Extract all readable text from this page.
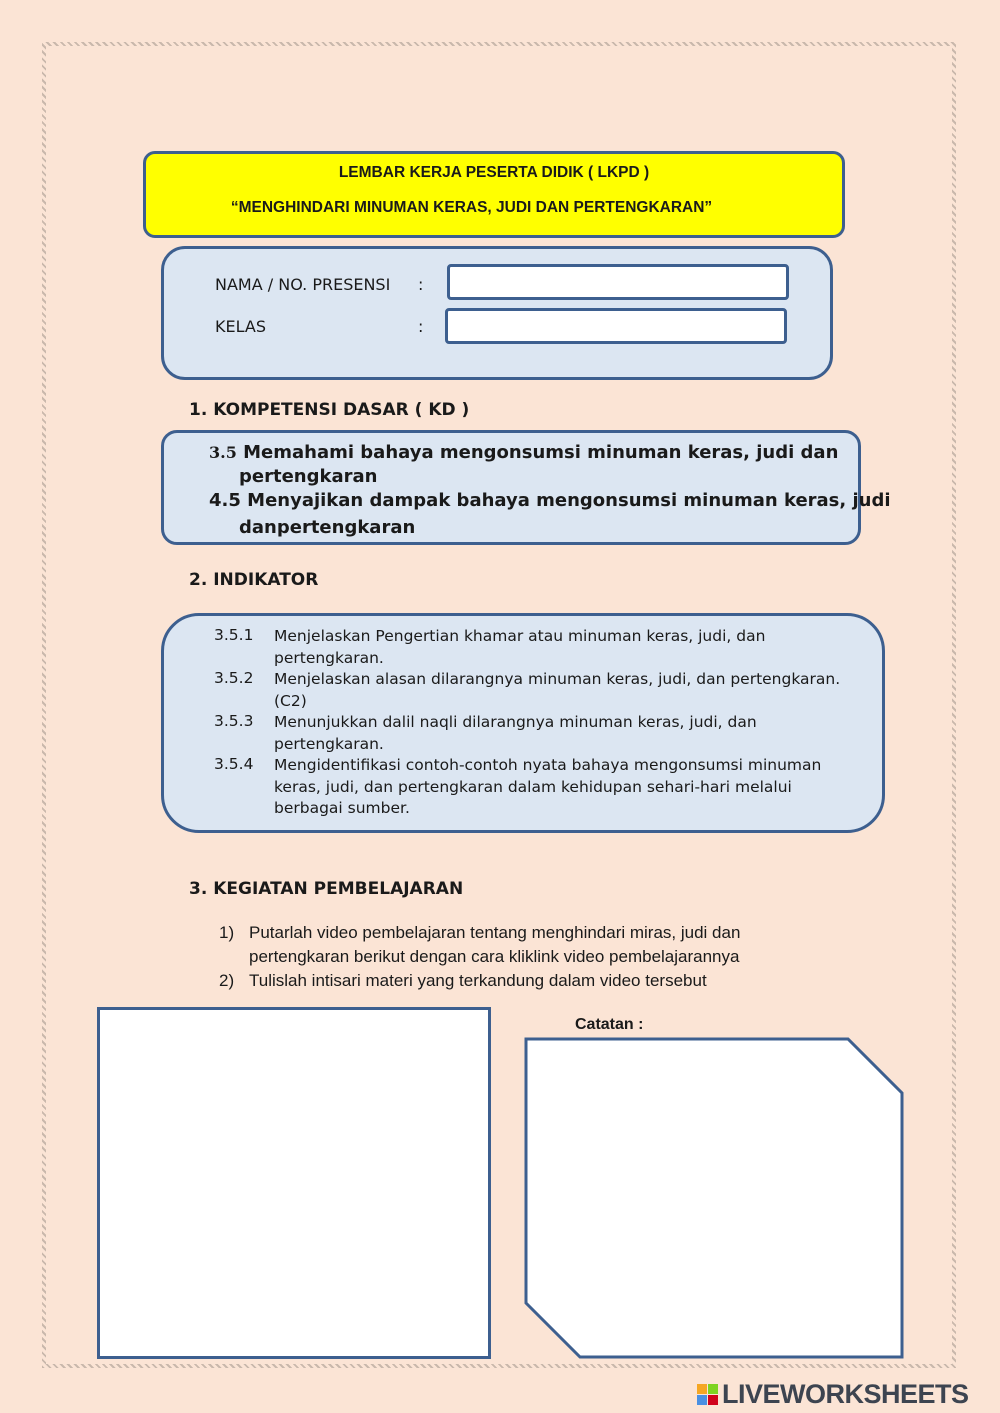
LEMBAR KERJA PESERTA DIDIK ( LKPD )
“MENGHINDARI MINUMAN KERAS, JUDI DAN PERTENGKARAN”
NAMA / NO. PRESENSI :
KELAS	:
1. KOMPETENSI DASAR ( KD )
3.5 Memahami bahaya mengonsumsi minuman keras, judi dan
pertengkaran
4.5 Menyajikan dampak bahaya mengonsumsi minuman keras, judi
danpertengkaran
2. INDIKATOR
3.5.1 Menjelaskan Pengertian khamar atau minuman keras, judi, dan
pertengkaran.
3.5.2 Menjelaskan alasan dilarangnya minuman keras, judi, dan pertengkaran.
(C2)
3.5.3 Menunjukkan dalil naqli dilarangnya minuman keras, judi, dan
pertengkaran.
3.5.4 Mengidentifikasi contoh-contoh nyata bahaya mengonsumsi minuman
keras, judi, dan pertengkaran dalam kehidupan sehari-hari melalui
berbagai sumber.
3. KEGIATAN PEMBELAJARAN
1) Putarlah video pembelajaran tentang menghindari miras, judi dan
pertengkaran berikut dengan cara kliklink video pembelajarannya
2) Tulislah intisari materi yang terkandung dalam video tersebut
Catatan :
LIVEWORKSHEETS
